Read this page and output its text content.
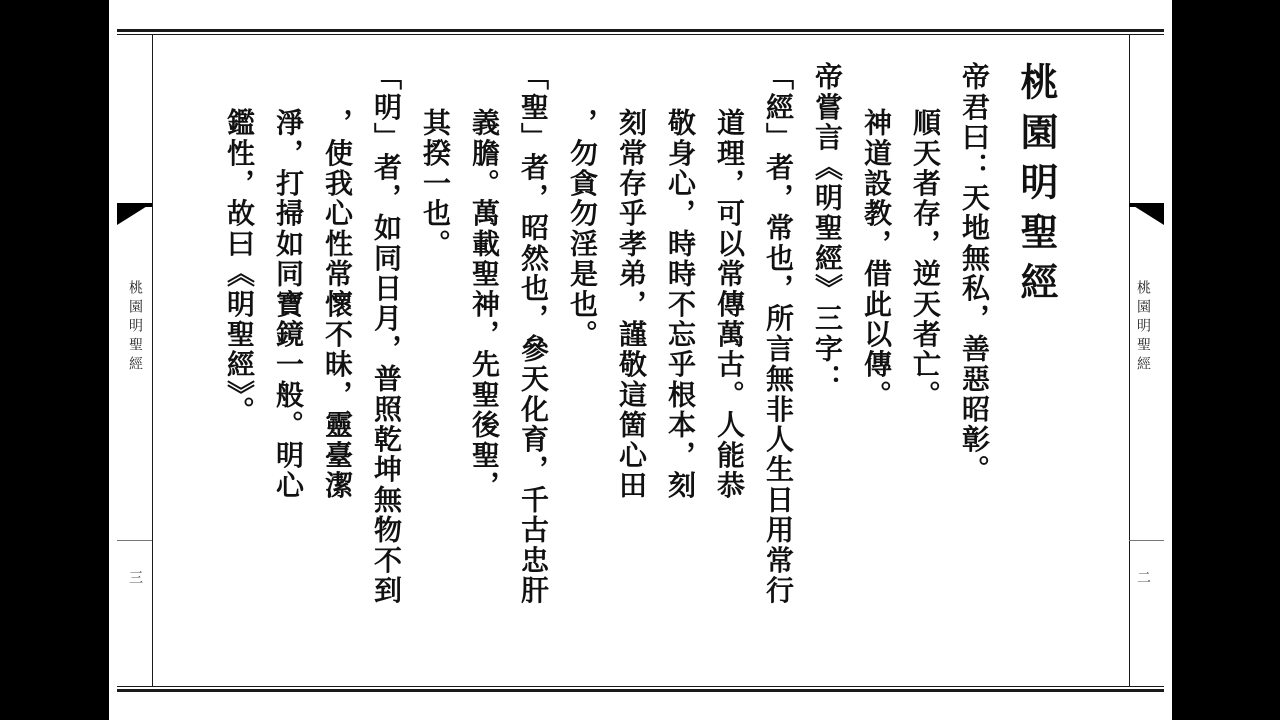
桃園明聖經
三
桃園明聖經
二
桃園明聖經
帝君曰：天地無私，善惡昭彰。
順天者存，逆天者亡。
神道設教，借此以傳。
帝嘗言《明聖經》三字：
「經」者，常也，所言無非人生日用常行
道理，可以常傳萬古。人能恭
敬身心，時時不忘乎根本，刻
刻常存乎孝弟，謹敬這箇心田
，勿貪勿淫是也。
「聖」者，昭然也，參天化育，千古忠肝
義膽。萬載聖神，先聖後聖，
其揆一也。
「明」者，如同日月，普照乾坤無物不到
，使我心性常懷不昧，靈臺潔
淨，打掃如同寶鏡一般。明心
鑑性，故曰《明聖經》。
